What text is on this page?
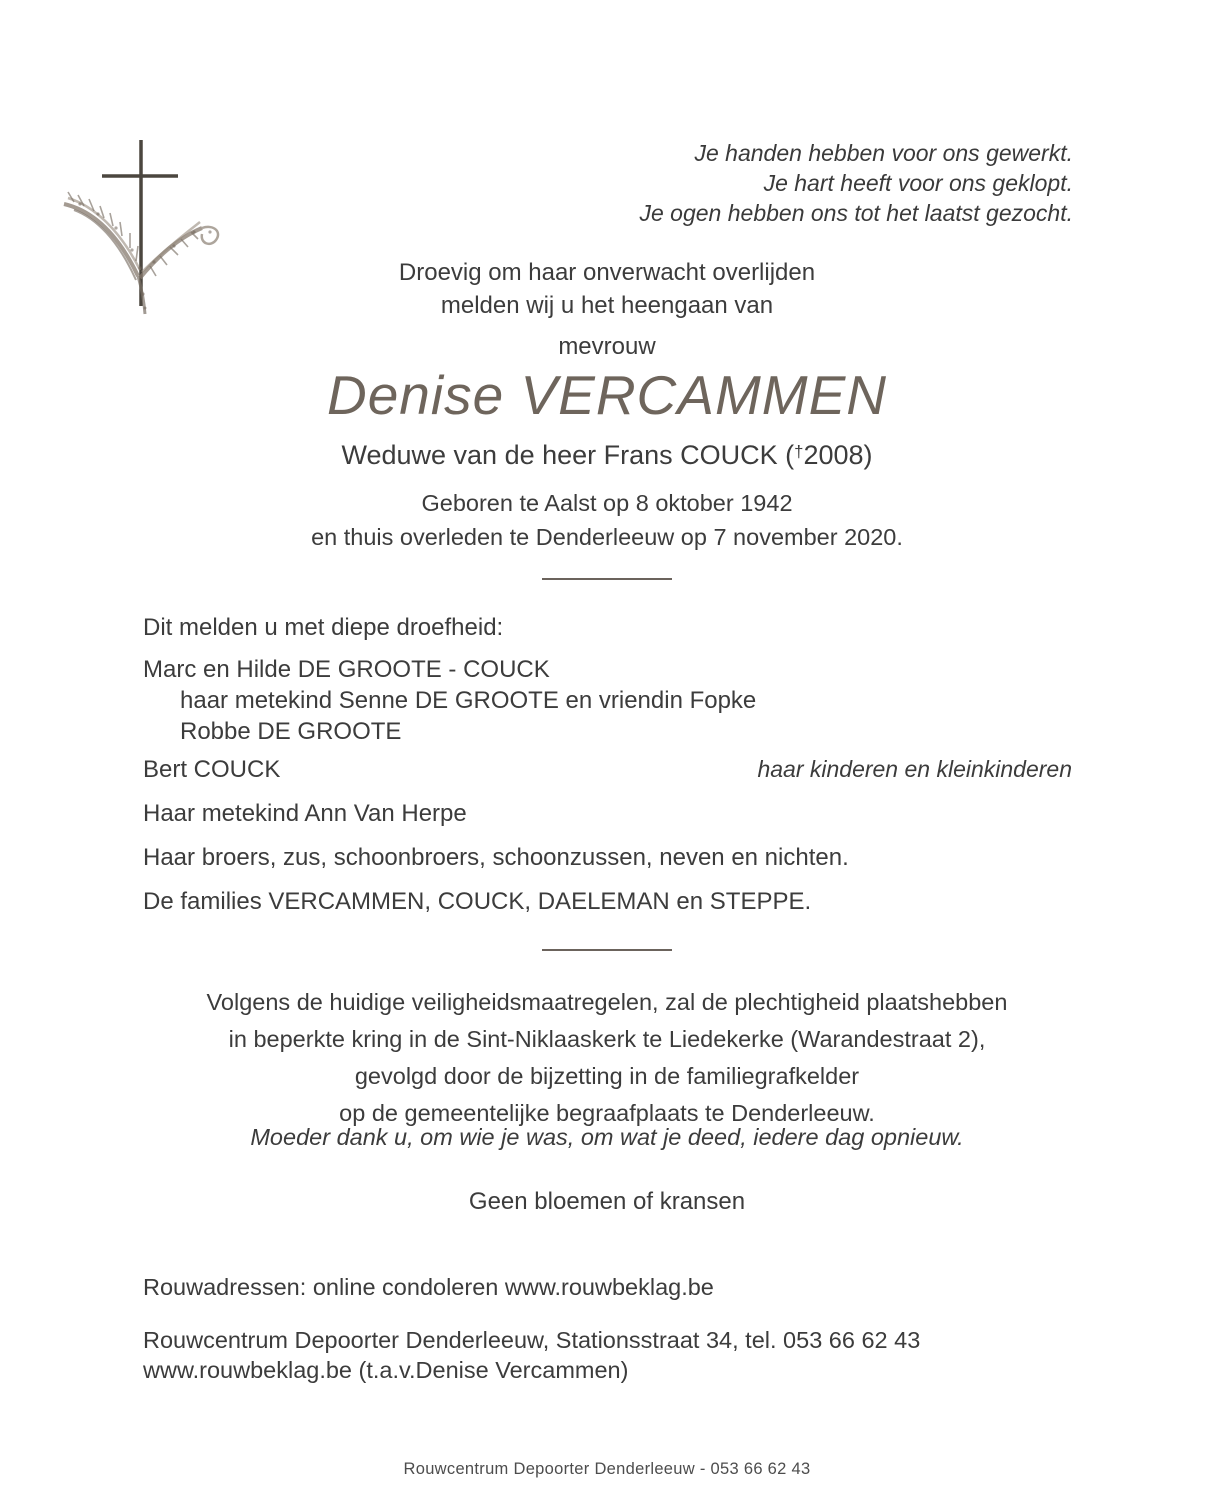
Je handen hebben voor ons gewerkt.
Je hart heeft voor ons geklopt.
Je ogen hebben ons tot het laatst gezocht.
Droevig om haar onverwacht overlijden
melden wij u het heengaan van
mevrouw
Denise VERCAMMEN
Weduwe van de heer Frans COUCK (†2008)
Geboren te Aalst op 8 oktober 1942
en thuis overleden te Denderleeuw op 7 november 2020.
Dit melden u met diepe droefheid:
Marc en Hilde DE GROOTE - COUCK
haar metekind Senne DE GROOTE en vriendin Fopke
Robbe DE GROOTE
Bert COUCK	haar kinderen en kleinkinderen
Haar metekind Ann Van Herpe
Haar broers, zus, schoonbroers, schoonzussen, neven en nichten.
De families VERCAMMEN, COUCK, DAELEMAN en STEPPE.
Volgens de huidige veiligheidsmaatregelen, zal de plechtigheid plaatshebben
in beperkte kring in de Sint-Niklaaskerk te Liedekerke (Warandestraat 2),
gevolgd door de bijzetting in de familiegrafkelder
op de gemeentelijke begraafplaats te Denderleeuw.
Moeder dank u, om wie je was, om wat je deed, iedere dag opnieuw.
Geen bloemen of kransen
Rouwadressen: online condoleren www.rouwbeklag.be
Rouwcentrum Depoorter Denderleeuw, Stationsstraat 34, tel. 053 66 62 43
www.rouwbeklag.be (t.a.v.Denise Vercammen)
Rouwcentrum Depoorter Denderleeuw - 053 66 62 43
